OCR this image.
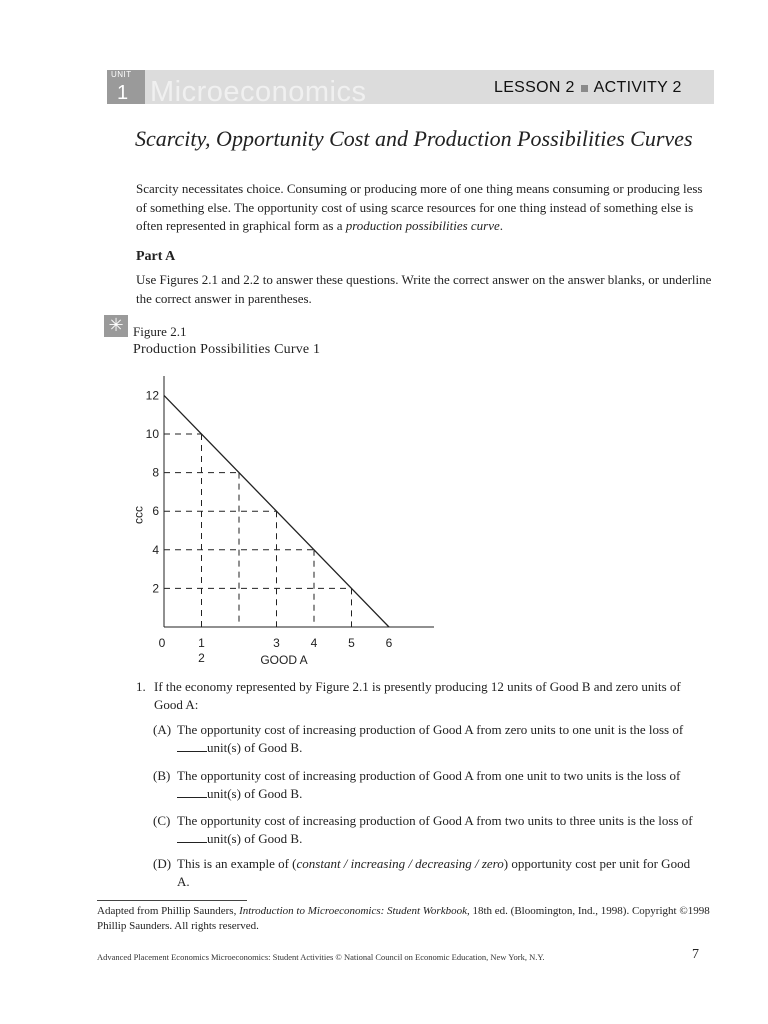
UNIT
1 Microeconomics	LESSON 2 ACTIVITY 2
Scarcity, Opportunity Cost and Production Possibilities Curves
Scarcity necessitates choice. Consuming or producing more of one thing means consuming or producing less of something else. The opportunity cost of using scarce resources for one thing instead of something else is often represented in graphical form as a production possibilities curve.
Part A
Use Figures 2.1 and 2.2 to answer these questions. Write the correct answer on the answer blanks, or underline the correct answer in parentheses.
✳ Figure 2.1
Production Possibilities Curve 1
2
4
6
8
10
12
0	1
2
3	4	5	6
GOOD A
ɔɔɔ
1. If the economy represented by Figure 2.1 is presently producing 12 units of Good B and zero units of Good A:
(A) The opportunity cost of increasing production of Good A from zero units to one unit is the loss ofunit(s) of Good B.
(B) The opportunity cost of increasing production of Good A from one unit to two units is the loss ofunit(s) of Good B.
(C) The opportunity cost of increasing production of Good A from two units to three units is the loss ofunit(s) of Good B.
(D) This is an example of (constant / increasing / decreasing / zero) opportunity cost per unit for Good A.
Adapted from Phillip Saunders, Introduction to Microeconomics: Student Workbook, 18th ed. (Bloomington, Ind., 1998). Copyright ©1998 Phillip Saunders. All rights reserved.
Advanced Placement Economics Microeconomics: Student Activities © National Council on Economic Education, New York, N.Y.	7
